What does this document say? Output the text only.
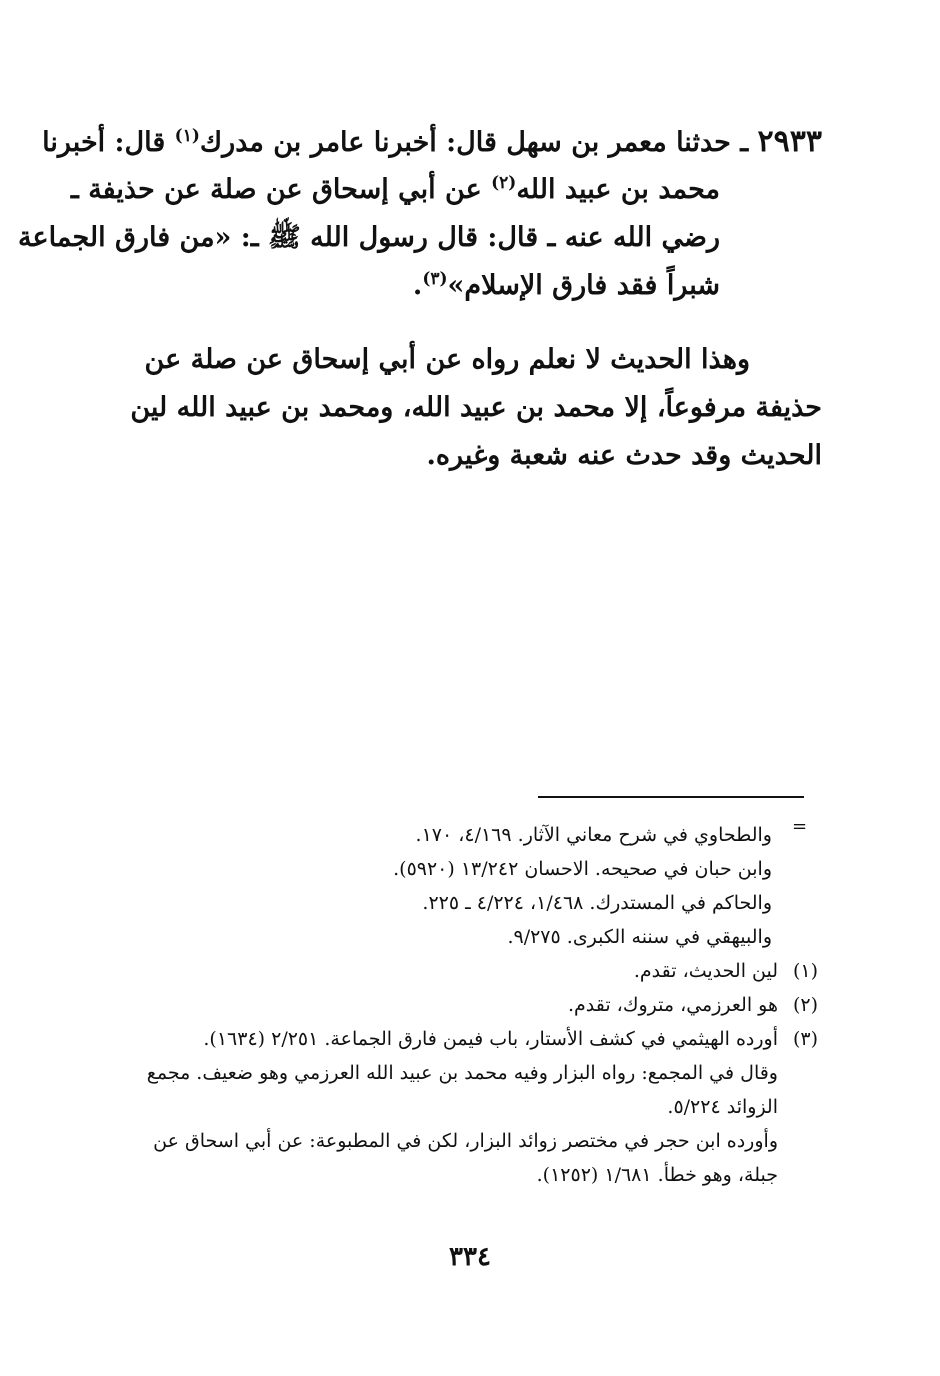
٢٩٣٣ ـ حدثنا معمر بن سهل قال: أخبرنا عامر بن مدرك$^{(١)}$ قال: أخبرنا
محمد بن عبيد الله$^{(٢)}$ عن أبي إسحاق عن صلة عن حذيفة ـ
رضي الله عنه ـ قال: قال رسول الله ﷺ ـ: «من فارق الجماعة
شبراً فقد فارق الإسلام»$^{(٣)}$.
وهذا الحديث لا نعلم رواه عن أبي إسحاق عن صلة عن
حذيفة مرفوعاً، إلا محمد بن عبيد الله، ومحمد بن عبيد الله لين
الحديث وقد حدث عنه شعبة وغيره.
=
والطحاوي في شرح معاني الآثار. ٤/١٦٩، ١٧٠.
وابن حبان في صحيحه. الاحسان ١٣/٢٤٢ (٥٩٢٠).
والحاكم في المستدرك. ١/٤٦٨، ٤/٢٢٤ ـ ٢٢٥.
والبيهقي في سننه الكبرى. ٩/٢٧٥.
(١)لين الحديث، تقدم.
(٢)هو العرزمي، متروك، تقدم.
(٣)أورده الهيثمي في كشف الأستار، باب فيمن فارق الجماعة. ٢/٢٥١ (١٦٣٤).
وقال في المجمع: رواه البزار وفيه محمد بن عبيد الله العرزمي وهو ضعيف. مجمع
الزوائد ٥/٢٢٤.
وأورده ابن حجر في مختصر زوائد البزار، لكن في المطبوعة: عن أبي اسحاق عن
جبلة، وهو خطأ. ١/٦٨١ (١٢٥٢).
٣٣٤
